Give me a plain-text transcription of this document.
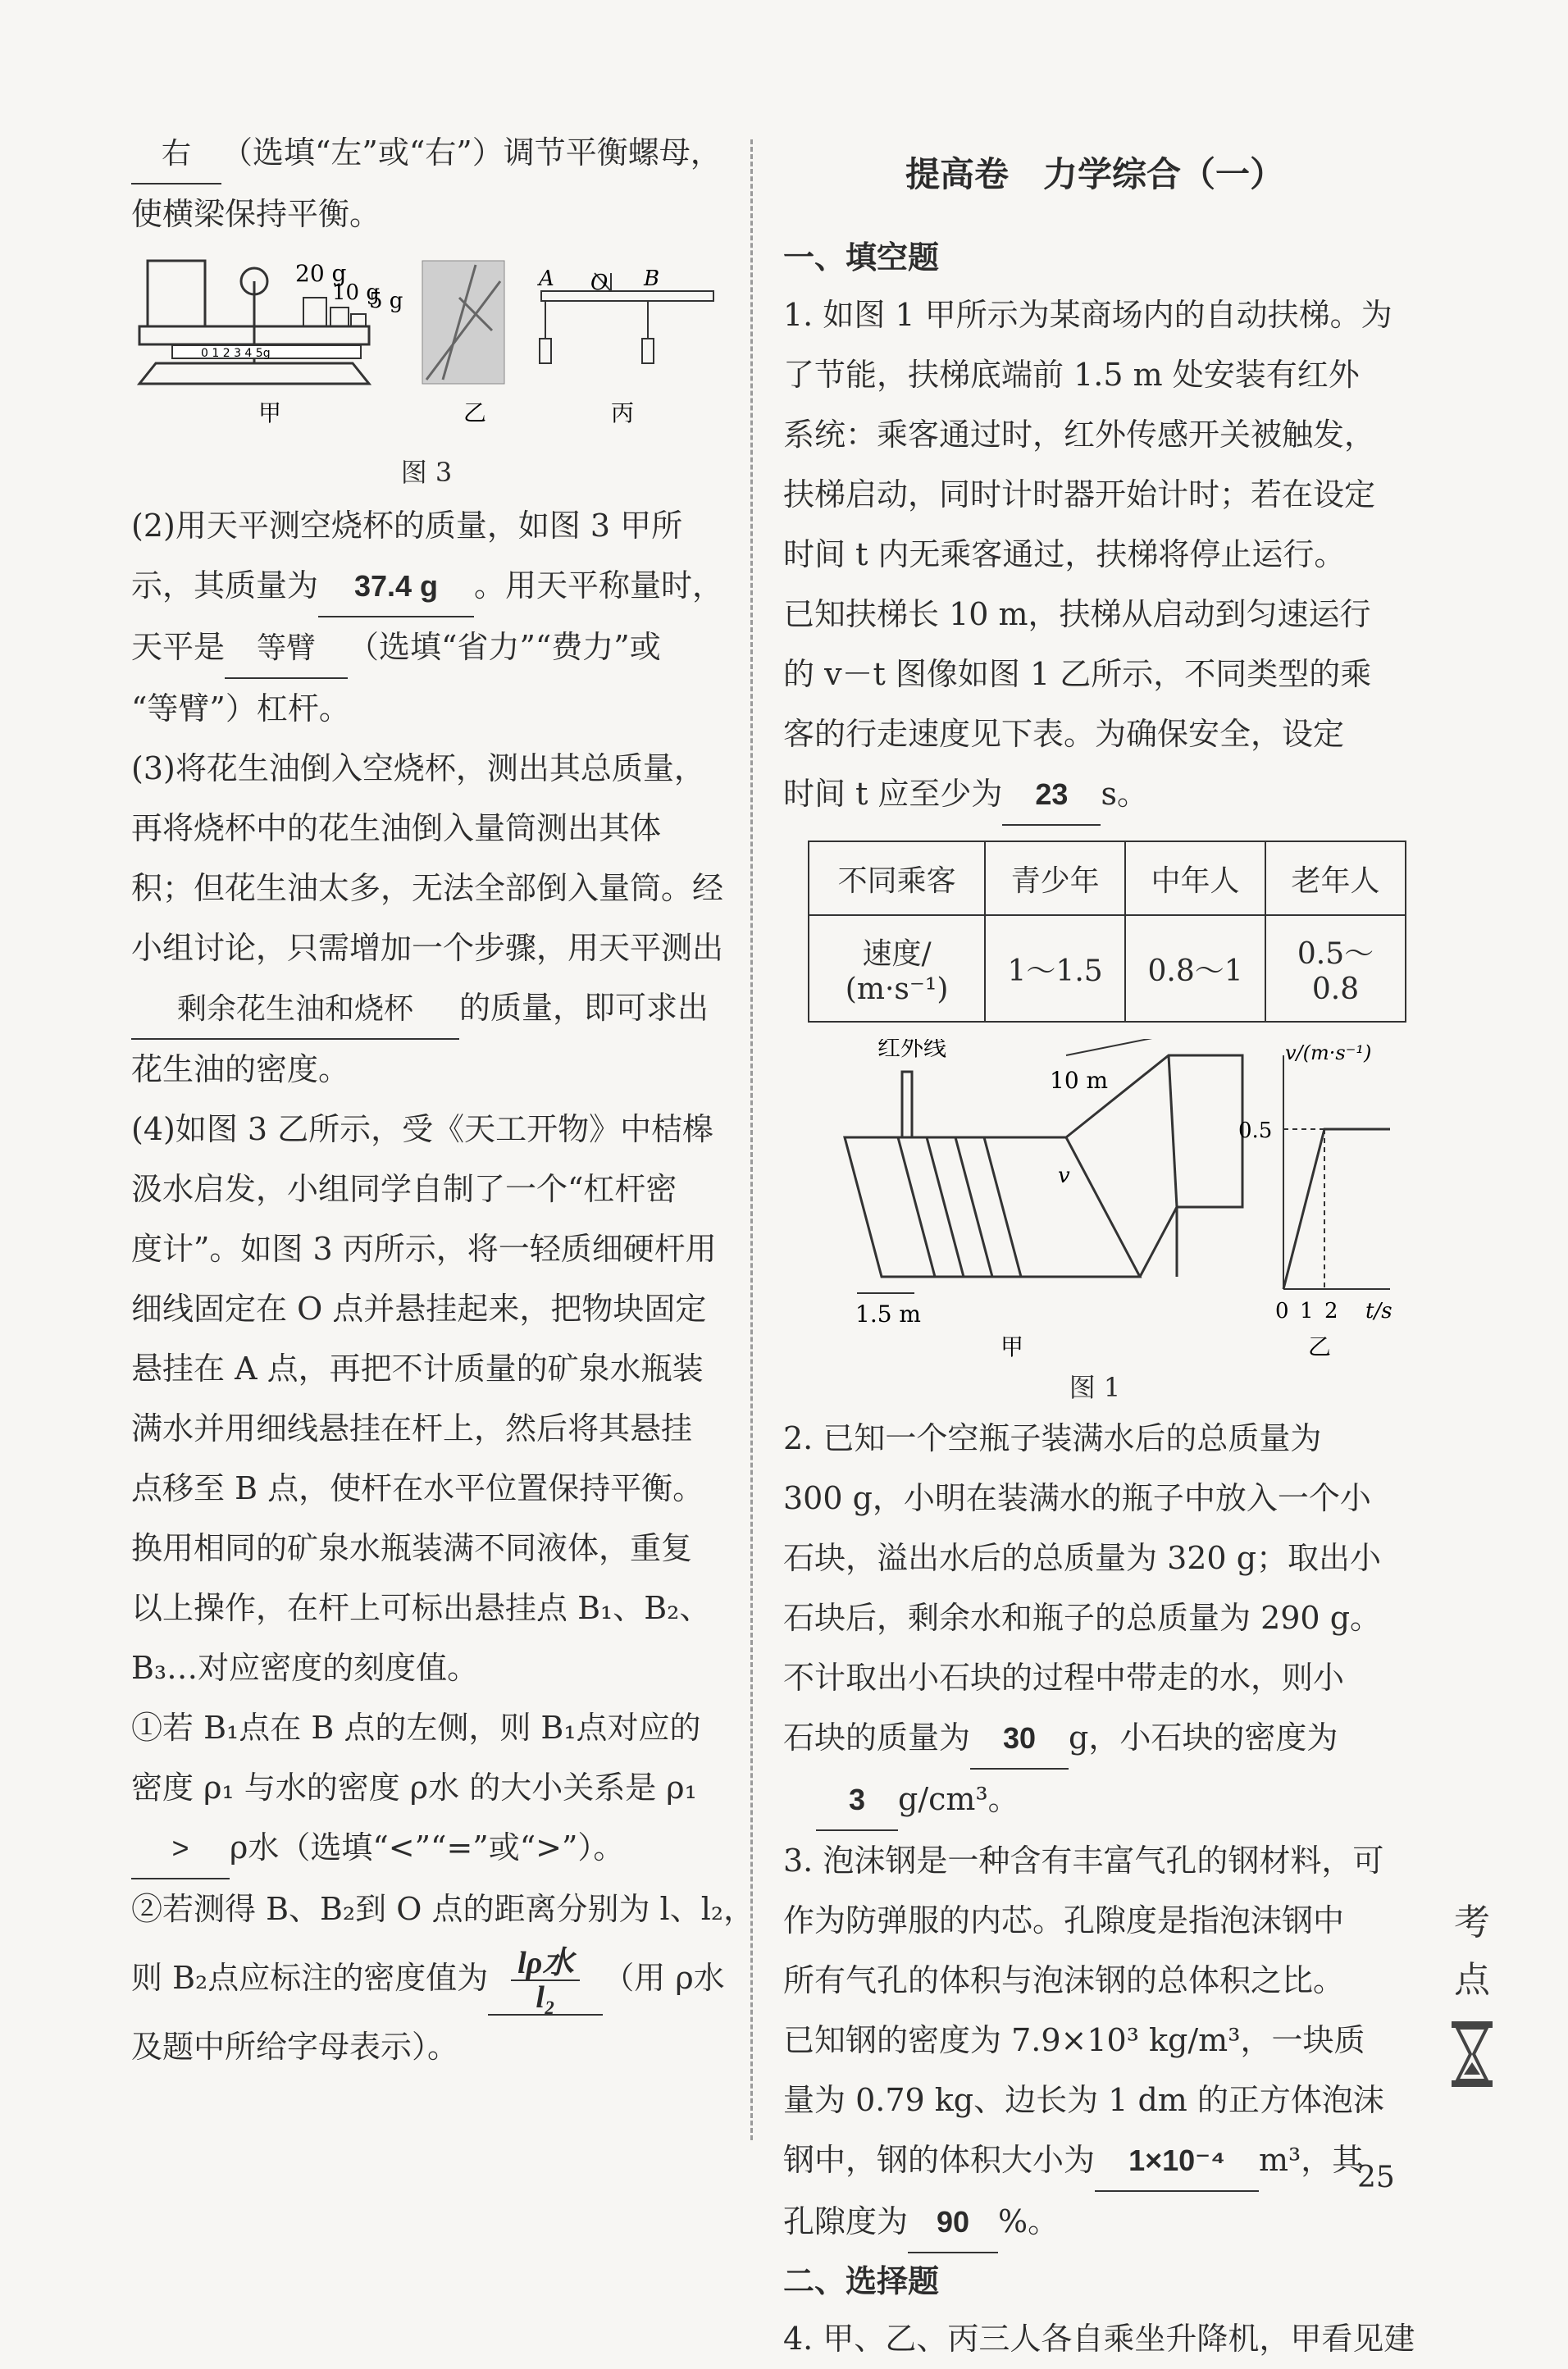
右 （选填“左”或“右”）调节平衡螺母，
使横梁保持平衡。
20 g
10 g
5 g
0 1 2 3 4 5g
A O B
甲	乙	丙
图 3
(2)用天平测空烧杯的质量，如图 3 甲所
示，其质量为 37.4 g 。用天平称量时，
天平是 等臂 （选填“省力”“费力”或
“等臂”）杠杆。
(3)将花生油倒入空烧杯，测出其总质量，
再将烧杯中的花生油倒入量筒测出其体
积；但花生油太多，无法全部倒入量筒。经
小组讨论，只需增加一个步骤，用天平测出
剩余花生油和烧杯 的质量，即可求出
花生油的密度。
(4)如图 3 乙所示，受《天工开物》中桔槔
汲水启发，小组同学自制了一个“杠杆密
度计”。如图 3 丙所示，将一轻质细硬杆用
细线固定在 O 点并悬挂起来，把物块固定
悬挂在 A 点，再把不计质量的矿泉水瓶装
满水并用细线悬挂在杆上，然后将其悬挂
点移至 B 点，使杆在水平位置保持平衡。
换用相同的矿泉水瓶装满不同液体，重复
以上操作，在杆上可标出悬挂点 B₁、B₂、
B₃…对应密度的刻度值。
①若 B₁点在 B 点的左侧，则 B₁点对应的
密度 ρ₁ 与水的密度 ρ水 的大小关系是 ρ₁
> ρ水（选填“<”“=”或“>”）。
②若测得 B、B₂到 O 点的距离分别为 l、l₂，
则 B₂点应标注的密度值为 $\frac{\text{lρ水}}{\text{l₂}}$ （用 ρ水
及题中所给字母表示）。
提高卷　力学综合（一）
一、填空题
1. 如图 1 甲所示为某商场内的自动扶梯。为
了节能，扶梯底端前 1.5 m 处安装有红外
系统：乘客通过时，红外传感开关被触发，
扶梯启动，同时计时器开始计时；若在设定
时间 t 内无乘客通过，扶梯将停止运行。
已知扶梯长 10 m，扶梯从启动到匀速运行
的 v－t 图像如图 1 乙所示，不同类型的乘
客的行走速度见下表。为确保安全，设定
时间 t 应至少为 23 s。
不同乘客	青少年	中年人	老年人

速度/
(m·s⁻¹)	1～1.5	0.8～1	0.5～0.8
红外线
10 m
1.5 m
v
甲
v/(m·s⁻¹)
0.5
0 1 2 t/s
乙
图 1
2. 已知一个空瓶子装满水后的总质量为
300 g，小明在装满水的瓶子中放入一个小
石块，溢出水后的总质量为 320 g；取出小
石块后，剩余水和瓶子的总质量为 290 g。
不计取出小石块的过程中带走的水，则小
石块的质量为 30 g，小石块的密度为
3 g/cm³。
3. 泡沫钢是一种含有丰富气孔的钢材料，可
作为防弹服的内芯。孔隙度是指泡沫钢中
所有气孔的体积与泡沫钢的总体积之比。
已知钢的密度为 7.9×10³ kg/m³，一块质
量为 0.79 kg、边长为 1 dm 的正方体泡沫
钢中，钢的体积大小为 1×10⁻⁴ m³，其
孔隙度为 90 %。
二、选择题
4. 甲、乙、丙三人各自乘坐升降机，甲看见建
考
点
25
